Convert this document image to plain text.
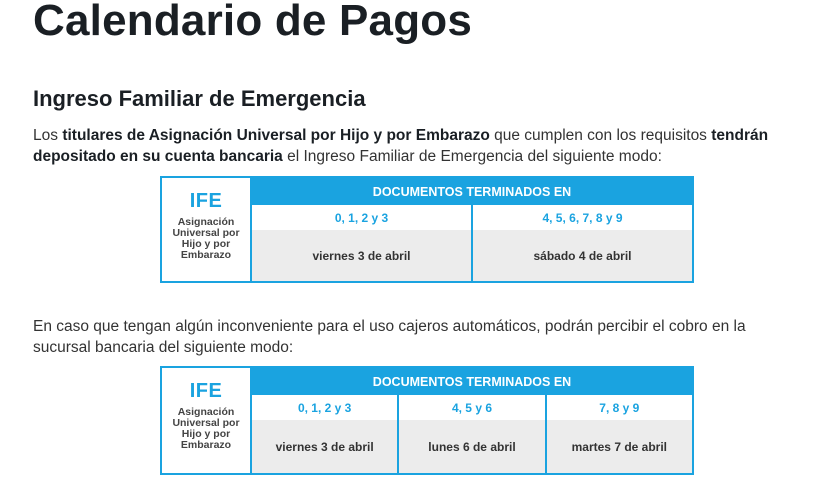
Calendario de Pagos
Ingreso Familiar de Emergencia

Los titulares de Asignación Universal por Hijo y por Embarazo que cumplen con los requisitos tendrán depositado en su cuenta bancaria el Ingreso Familiar de Emergencia del siguiente modo:

IFE
Asignación Universal por Hijo y por Embarazo
DOCUMENTOS TERMINADOS EN
0, 1, 2 y 3
viernes 3 de abril
4, 5, 6, 7, 8 y 9
sábado 4 de abril

En caso que tengan algún inconveniente para el uso cajeros automáticos, podrán percibir el cobro en la sucursal bancaria del siguiente modo:

IFE
Asignación Universal por Hijo y por Embarazo
DOCUMENTOS TERMINADOS EN
0, 1, 2 y 3
viernes 3 de abril
4, 5 y 6
lunes 6 de abril
7, 8 y 9
martes 7 de abril
